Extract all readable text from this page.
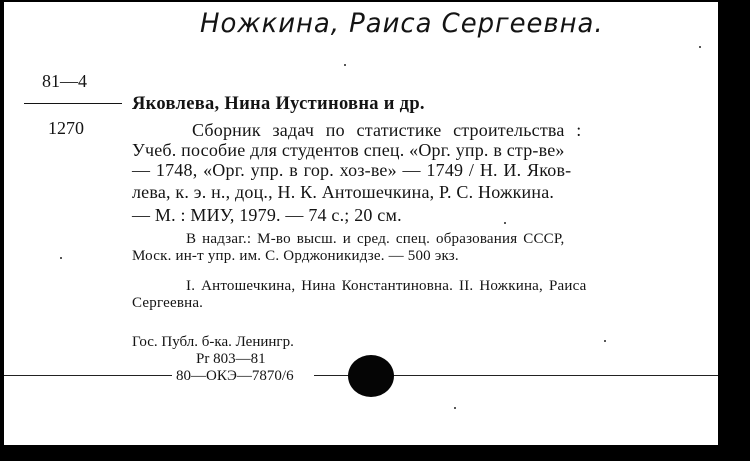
Ножкина, Раиса Сергеевна.
81—4
1270
Яковлева, Нина Иустиновна и др.
Сборник задач по статистике строительства :
Учеб. пособие для студентов спец. «Орг. упр. в стр-ве»
— 1748, «Орг. упр. в гор. хоз-ве» — 1749 / Н. И. Яков-
лева, к. э. н., доц., Н. К. Антошечкина, Р. С. Ножкина.
— М. : МИУ, 1979. — 74 с.; 20 см.
В надзаг.: М-во высш. и сред. спец. образования СССР,
Моск. ин-т упр. им. С. Орджоникидзе. — 500 экз.
I. Антошечкина, Нина Константиновна. II. Ножкина, Раиса
Сергеевна.
Гос. Публ. б-ка. Ленингр.
Pr 803—81
80—ОКЭ—7870/6
